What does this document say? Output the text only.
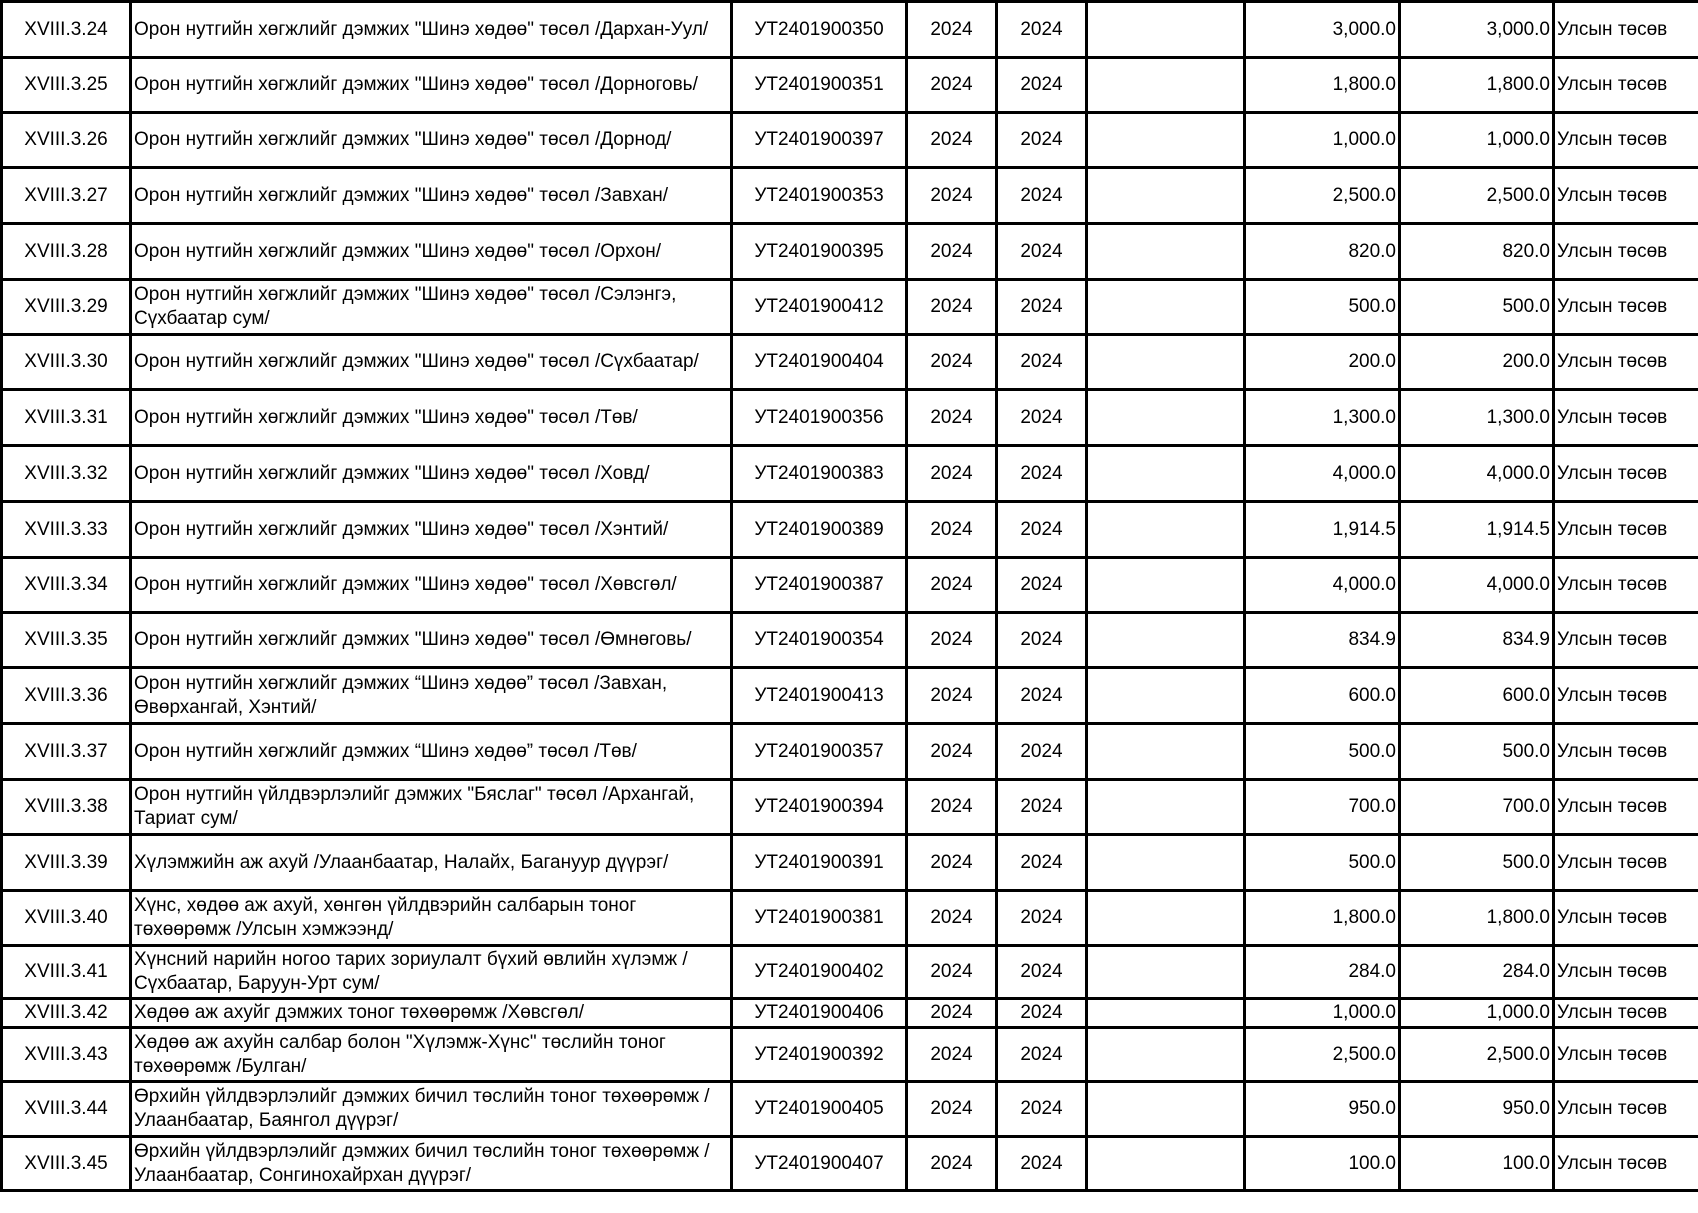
XVIII.3.24	Орон нутгийн хөгжлийг дэмжих "Шинэ хөдөө" төсөл /Дархан-Уул/	УТ2401900350	2024	2024		3,000.0	3,000.0	Улсын төсөв
XVIII.3.25	Орон нутгийн хөгжлийг дэмжих "Шинэ хөдөө" төсөл /Дорноговь/	УТ2401900351	2024	2024		1,800.0	1,800.0	Улсын төсөв
XVIII.3.26	Орон нутгийн хөгжлийг дэмжих "Шинэ хөдөө" төсөл /Дорнод/	УТ2401900397	2024	2024		1,000.0	1,000.0	Улсын төсөв
XVIII.3.27	Орон нутгийн хөгжлийг дэмжих "Шинэ хөдөө" төсөл /Завхан/	УТ2401900353	2024	2024		2,500.0	2,500.0	Улсын төсөв
XVIII.3.28	Орон нутгийн хөгжлийг дэмжих "Шинэ хөдөө" төсөл /Орхон/	УТ2401900395	2024	2024		820.0	820.0	Улсын төсөв
XVIII.3.29	Орон нутгийн хөгжлийг дэмжих "Шинэ хөдөө" төсөл /Сэлэнгэ, Сүхбаатар сум/	УТ2401900412	2024	2024		500.0	500.0	Улсын төсөв
XVIII.3.30	Орон нутгийн хөгжлийг дэмжих "Шинэ хөдөө" төсөл /Сүхбаатар/	УТ2401900404	2024	2024		200.0	200.0	Улсын төсөв
XVIII.3.31	Орон нутгийн хөгжлийг дэмжих "Шинэ хөдөө" төсөл /Төв/	УТ2401900356	2024	2024		1,300.0	1,300.0	Улсын төсөв
XVIII.3.32	Орон нутгийн хөгжлийг дэмжих "Шинэ хөдөө" төсөл /Ховд/	УТ2401900383	2024	2024		4,000.0	4,000.0	Улсын төсөв
XVIII.3.33	Орон нутгийн хөгжлийг дэмжих "Шинэ хөдөө" төсөл /Хэнтий/	УТ2401900389	2024	2024		1,914.5	1,914.5	Улсын төсөв
XVIII.3.34	Орон нутгийн хөгжлийг дэмжих "Шинэ хөдөө" төсөл /Хөвсгөл/	УТ2401900387	2024	2024		4,000.0	4,000.0	Улсын төсөв
XVIII.3.35	Орон нутгийн хөгжлийг дэмжих "Шинэ хөдөө" төсөл /Өмнөговь/	УТ2401900354	2024	2024		834.9	834.9	Улсын төсөв
XVIII.3.36	Орон нутгийн хөгжлийг дэмжих “Шинэ хөдөө” төсөл /Завхан, Өвөрхангай, Хэнтий/	УТ2401900413	2024	2024		600.0	600.0	Улсын төсөв
XVIII.3.37	Орон нутгийн хөгжлийг дэмжих “Шинэ хөдөө” төсөл /Төв/	УТ2401900357	2024	2024		500.0	500.0	Улсын төсөв
XVIII.3.38	Орон нутгийн үйлдвэрлэлийг дэмжих "Бяслаг" төсөл /Архангай, Тариат сум/	УТ2401900394	2024	2024		700.0	700.0	Улсын төсөв
XVIII.3.39	Хүлэмжийн аж ахуй /Улаанбаатар, Налайх, Багануур дүүрэг/	УТ2401900391	2024	2024		500.0	500.0	Улсын төсөв
XVIII.3.40	Хүнс, хөдөө аж ахуй, хөнгөн үйлдвэрийн салбарын тоног төхөөрөмж /Улсын хэмжээнд/	УТ2401900381	2024	2024		1,800.0	1,800.0	Улсын төсөв
XVIII.3.41	Хүнсний нарийн ногоо тарих зориулалт бүхий өвлийн хүлэмж /Сүхбаатар, Баруун-Урт сум/	УТ2401900402	2024	2024		284.0	284.0	Улсын төсөв
XVIII.3.42	Хөдөө аж ахуйг дэмжих тоног төхөөрөмж /Хөвсгөл/	УТ2401900406	2024	2024		1,000.0	1,000.0	Улсын төсөв
XVIII.3.43	Хөдөө аж ахуйн салбар болон "Хүлэмж-Хүнс" төслийн тоног төхөөрөмж /Булган/	УТ2401900392	2024	2024		2,500.0	2,500.0	Улсын төсөв
XVIII.3.44	Өрхийн үйлдвэрлэлийг дэмжих бичил төслийн тоног төхөөрөмж /Улаанбаатар, Баянгол дүүрэг/	УТ2401900405	2024	2024		950.0	950.0	Улсын төсөв
XVIII.3.45	Өрхийн үйлдвэрлэлийг дэмжих бичил төслийн тоног төхөөрөмж /Улаанбаатар, Сонгинохайрхан дүүрэг/	УТ2401900407	2024	2024		100.0	100.0	Улсын төсөв
